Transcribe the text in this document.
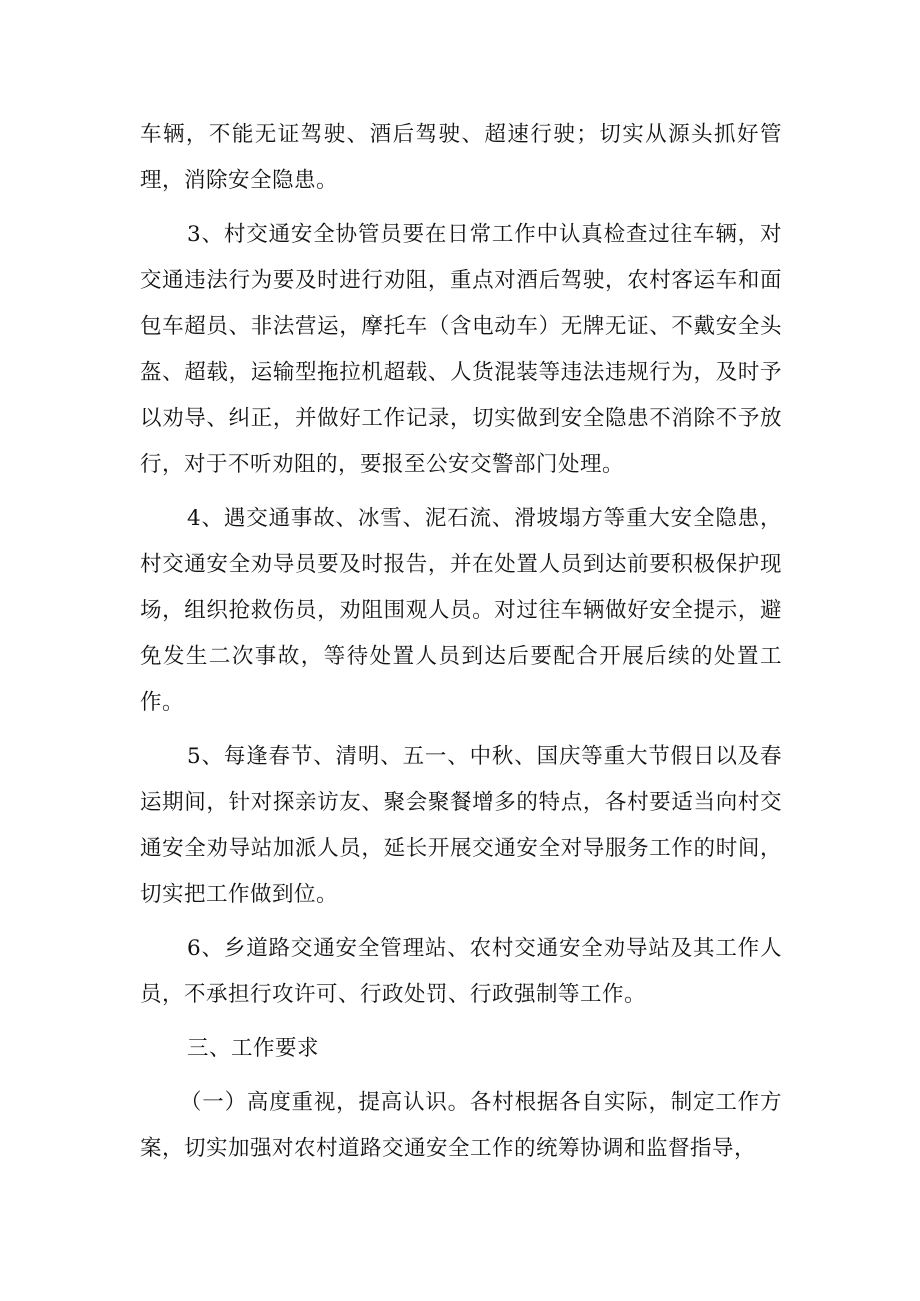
车辆，不能无证驾驶、酒后驾驶、超速行驶；切实从源头抓好管理，消除安全隐患。

3、村交通安全协管员要在日常工作中认真检查过往车辆，对交通违法行为要及时进行劝阻，重点对酒后驾驶，农村客运车和面包车超员、非法营运，摩托车（含电动车）无牌无证、不戴安全头盔、超载，运输型拖拉机超载、人货混装等违法违规行为，及时予以劝导、纠正，并做好工作记录，切实做到安全隐患不消除不予放行，对于不听劝阻的，要报至公安交警部门处理。

4、遇交通事故、冰雪、泥石流、滑坡塌方等重大安全隐患，村交通安全劝导员要及时报告，并在处置人员到达前要积极保护现场，组织抢救伤员，劝阻围观人员。对过往车辆做好安全提示，避免发生二次事故，等待处置人员到达后要配合开展后续的处置工作。

5、每逢春节、清明、五一、中秋、国庆等重大节假日以及春运期间，针对探亲访友、聚会聚餐增多的特点，各村要适当向村交通安全劝导站加派人员，延长开展交通安全对导服务工作的时间，切实把工作做到位。

6、乡道路交通安全管理站、农村交通安全劝导站及其工作人员，不承担行攻许可、行政处罚、行政强制等工作。

三、工作要求

（一）高度重视，提高认识。各村根据各自实际，制定工作方案，切实加强对农村道路交通安全工作的统筹协调和监督指导，
